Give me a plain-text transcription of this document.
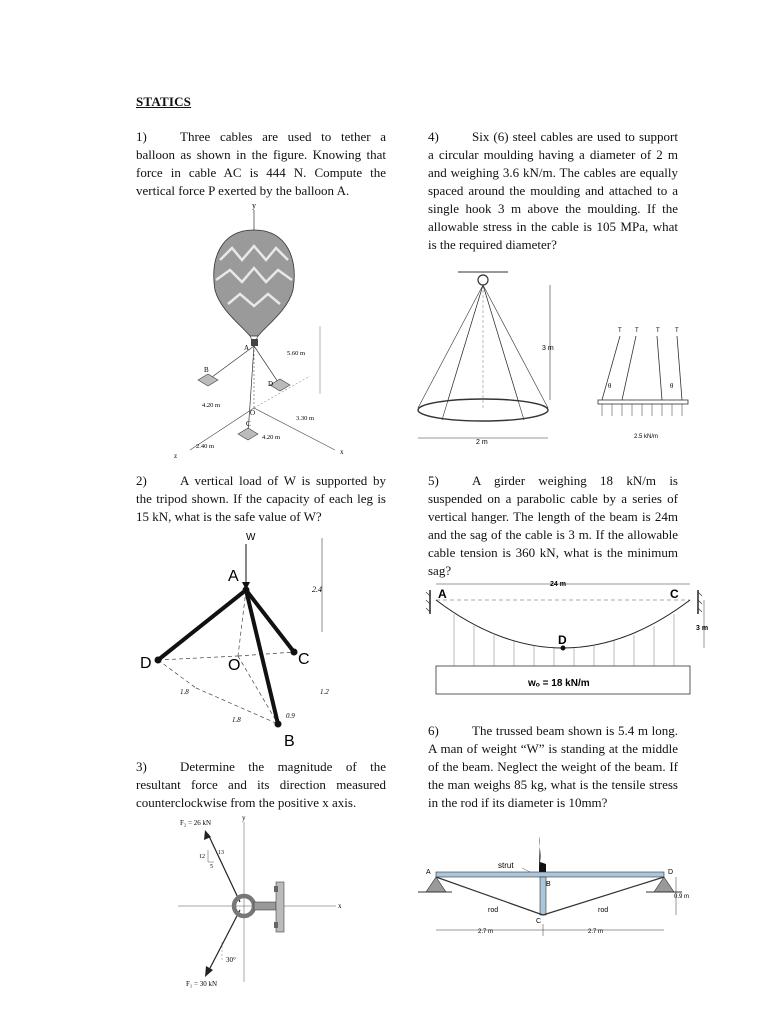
STATICS
1)	Three cables are used to tether a balloon as shown in the figure. Knowing that force in cable AC is 444 N. Compute the vertical force P exerted by the balloon A.
2)	A vertical load of W is supported by the tripod shown. If the capacity of each leg is 15 kN, what is the safe value of W?
3)	Determine the magnitude of the resultant force and its direction measured counterclockwise from the positive x axis.
4)	Six (6) steel cables are used to support a circular moulding having a diameter of 2 m and weighing 3.6 kN/m. The cables are equally spaced around the moulding and attached to a single hook 3 m above the moulding. If the allowable stress in the cable is 105 MPa, what is the required diameter?
5)	A girder weighing 18 kN/m is suspended on a parabolic cable by a series of vertical hanger. The length of the beam is 24m and the sag of the cable is 3 m. If the allowable cable tension is 360 kN, what is the minimum sag?
6)	The trussed beam shown is 5.4 m long. A man of weight “W” is standing at the middle of the beam. Neglect the weight of the beam. If the man weighs 85 kg, what is the tensile stress in the rod if its diameter is 10mm?
y
A
O
B
D
C
5.60 m
4.20 m
3.30 m
4.20 m
2.40 m
z	x
W
A
D	O	C
B
2.4
1.8
1.8	0.9
1.2
F₂ = 26 kN
y
x
12
13
5
30°
F₁ = 30 kN
3 m
2 m
T T	T	T
θ	θ
2.5 kN/m
24 m
A	C
D
3 m
wₒ = 18 kN/m
strut
A
B
C
D
rod	rod
2.7 m	2.7 m
0.9 m
